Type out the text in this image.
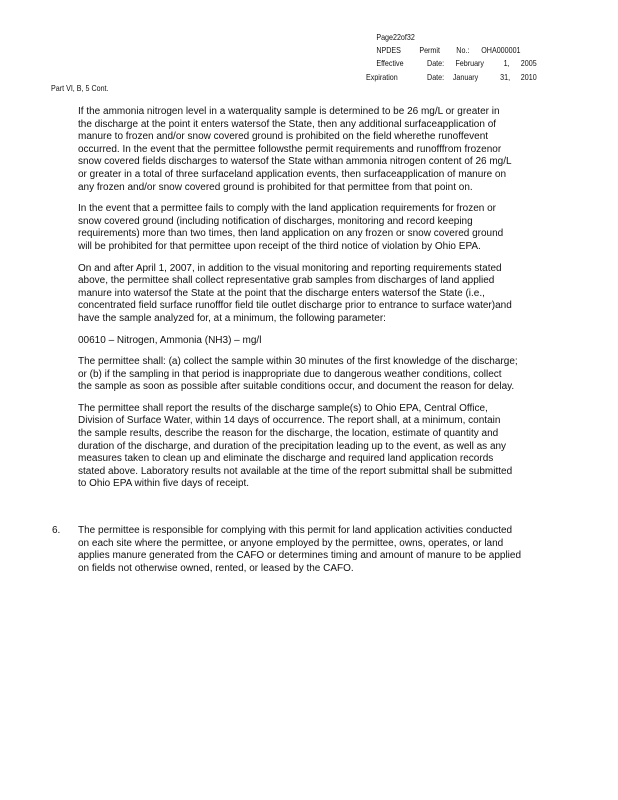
Page22of32
NPDES Permit No.: OHA000001
Effective	Date: February 1, 2005
Expiration	Date: January	31, 2010
Part VI, B, 5 Cont.

If the ammonia nitrogen level in a waterquality sample is determined to be 26 mg/L or greater in
the discharge at the point it enters watersof the State, then any additional surfaceapplication of
manure to frozen and/or snow covered ground is prohibited on the field wherethe runoffevent
occurred. In the event that the permittee followsthe permit requirements and runofffrom frozenor
snow covered fields discharges to watersof the State withan ammonia nitrogen content of 26 mg/L
or greater in a total of three surfaceland application events, then surfaceapplication of manure on
any frozen and/or snow covered ground is prohibited for that permittee from that point on.

In the event that a permittee fails to comply with the land application requirements for frozen or
snow covered ground (including notification of discharges, monitoring and record keeping
requirements) more than two times, then land application on any frozen or snow covered ground
will be prohibited for that permittee upon receipt of the third notice of violation by Ohio EPA.

On and after April 1, 2007, in addition to the visual monitoring and reporting requirements stated
above, the permittee shall collect representative grab samples from discharges of land applied
manure into watersof the State at the point that the discharge enters watersof the State (i.e.,
concentrated field surface runofffor field tile outlet discharge prior to entrance to surface water)and
have the sample analyzed for, at a minimum, the following parameter:

00610 – Nitrogen, Ammonia (NH3) – mg/l

The permittee shall: (a) collect the sample within 30 minutes of the first knowledge of the discharge;
or (b) if the sampling in that period is inappropriate due to dangerous weather conditions, collect
the sample as soon as possible after suitable conditions occur, and document the reason for delay.

The permittee shall report the results of the discharge sample(s) to Ohio EPA, Central Office,
Division of Surface Water, within 14 days of occurrence. The report shall, at a minimum, contain
the sample results, describe the reason for the discharge, the location, estimate of quantity and
duration of the discharge, and duration of the precipitation leading up to the event, as well as any
measures taken to clean up and eliminate the discharge and required land application records
stated above. Laboratory results not available at the time of the report submittal shall be submitted
to Ohio EPA within five days of receipt.

6. The permittee is responsible for complying with this permit for land application activities conducted
on each site where the permittee, or anyone employed by the permittee, owns, operates, or land
applies manure generated from the CAFO or determines timing and amount of manure to be applied
on fields not otherwise owned, rented, or leased by the CAFO.
